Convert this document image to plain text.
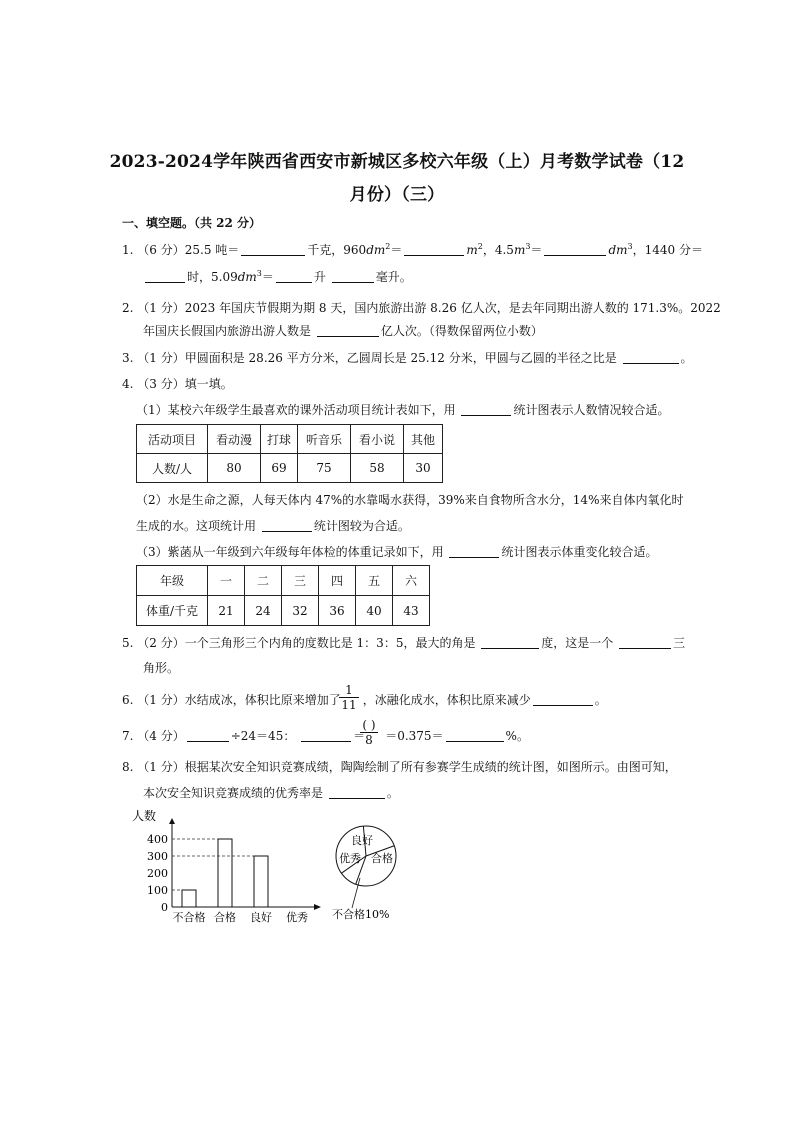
2023-2024学年陕西省西安市新城区多校六年级（上）月考数学试卷（12
月份）（三）
一、填空题。（共 22 分）
1. （6 分）25.5 吨＝	千克，$960dm^2=$	$m^2$，$4.5m^3=$	$dm^3$，1440 分＝
时，$5.09dm^3=$	升	毫升。
2. （1 分）2023 年国庆节假期为期 8 天，国内旅游出游 8.26 亿人次，是去年同期出游人数的 171.3%。2022
年国庆长假国内旅游出游人数是	亿人次。（得数保留两位小数）
3. （1 分）甲圆面积是 28.26 平方分米，乙圆周长是 25.12 分米，甲圆与乙圆的半径之比是	。
4. （3 分）填一填。
（1）某校六年级学生最喜欢的课外活动项目统计表如下，用	统计图表示人数情况较合适。
活动项目	看动漫	打球	听音乐	看小说	其他
人数/人	80	69	75	58	30
（2）水是生命之源，人每天体内 47%的水靠喝水获得，39%来自食物所含水分，14%来自体内氧化时
生成的水。这项统计用	统计图较为合适。
（3）紫菡从一年级到六年级每年体检的体重记录如下，用	统计图表示体重变化较合适。
年级	一	二	三	四	五	六
体重/千克	21	24	32	36	40	43
5. （2 分）一个三角形三个内角的度数比是 1：3：5，最大的角是	度，这是一个	三
角形。
6. （1 分）水结成冰，体积比原来增加了 ，冰融化成水，体积比原来减少	。
1
11
7. （4 分）	÷24＝45：	＝ ＝0.375＝	%。
( )
8
8. （1 分）根据某次安全知识竞赛成绩，陶陶绘制了所有参赛学生成绩的统计图，如图所示。由图可知，
本次安全知识竞赛成绩的优秀率是	。
人数
0
100
200
300
400
不合格 合格 良好 优秀
良好
优秀 合格
不合格10%
